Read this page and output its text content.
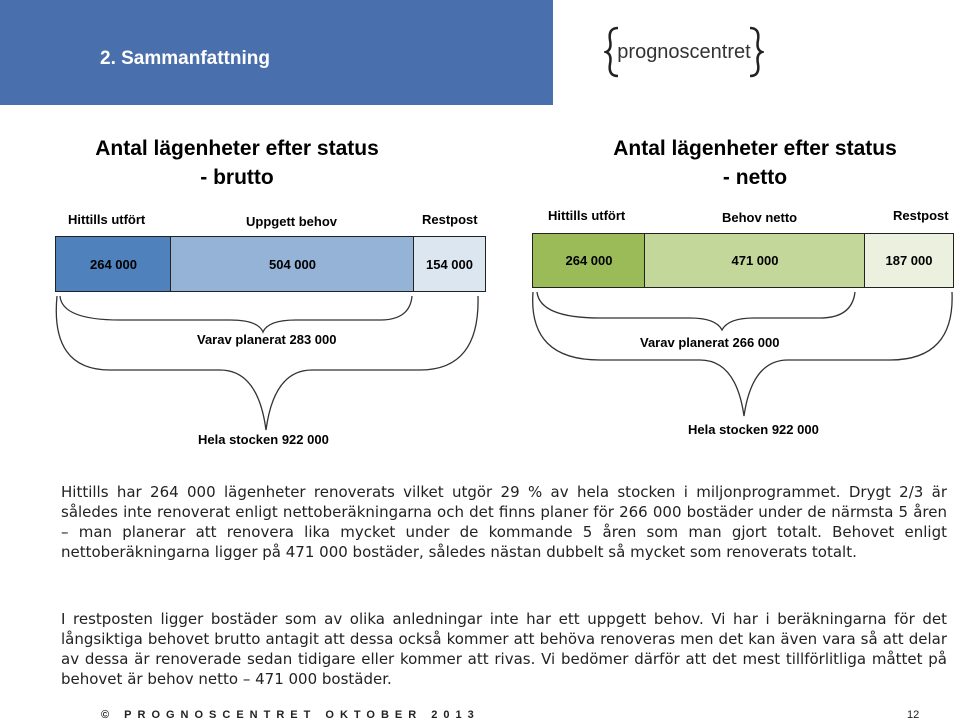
2. Sammanfattning	prognoscentret
Antal lägenheter efter status
- brutto
Antal lägenheter efter status
- netto
Hittills utfört	Uppgett behov	Restpost
264 000	504 000	154 000
Hittills utfört	Behov netto	Restpost
264 000	471 000	187 000
Varav planerat 283 000
Hela stocken 922 000
Varav planerat 266 000
Hela stocken 922 000
Hittills har 264 000 lägenheter renoverats vilket utgör 29 % av hela stocken i miljonprogrammet. Drygt 2/3 är således inte renoverat enligt nettoberäkningarna och det finns planer för 266 000 bostäder under de närmsta 5 åren – man planerar att renovera lika mycket under de kommande 5 åren som man gjort totalt. Behovet enligt nettoberäkningarna ligger på 471 000 bostäder, således nästan dubbelt så mycket som renoverats totalt.
I restposten ligger bostäder som av olika anledningar inte har ett uppgett behov. Vi har i beräkningarna för det långsiktiga behovet brutto antagit att dessa också kommer att behöva renoveras men det kan även vara så att delar av dessa är renoverade sedan tidigare eller kommer att rivas. Vi bedömer därför att det mest tillförlitliga måttet på behovet är behov netto – 471 000 bostäder.
© PROGNOSCENTRET OKTOBER 2013	12
